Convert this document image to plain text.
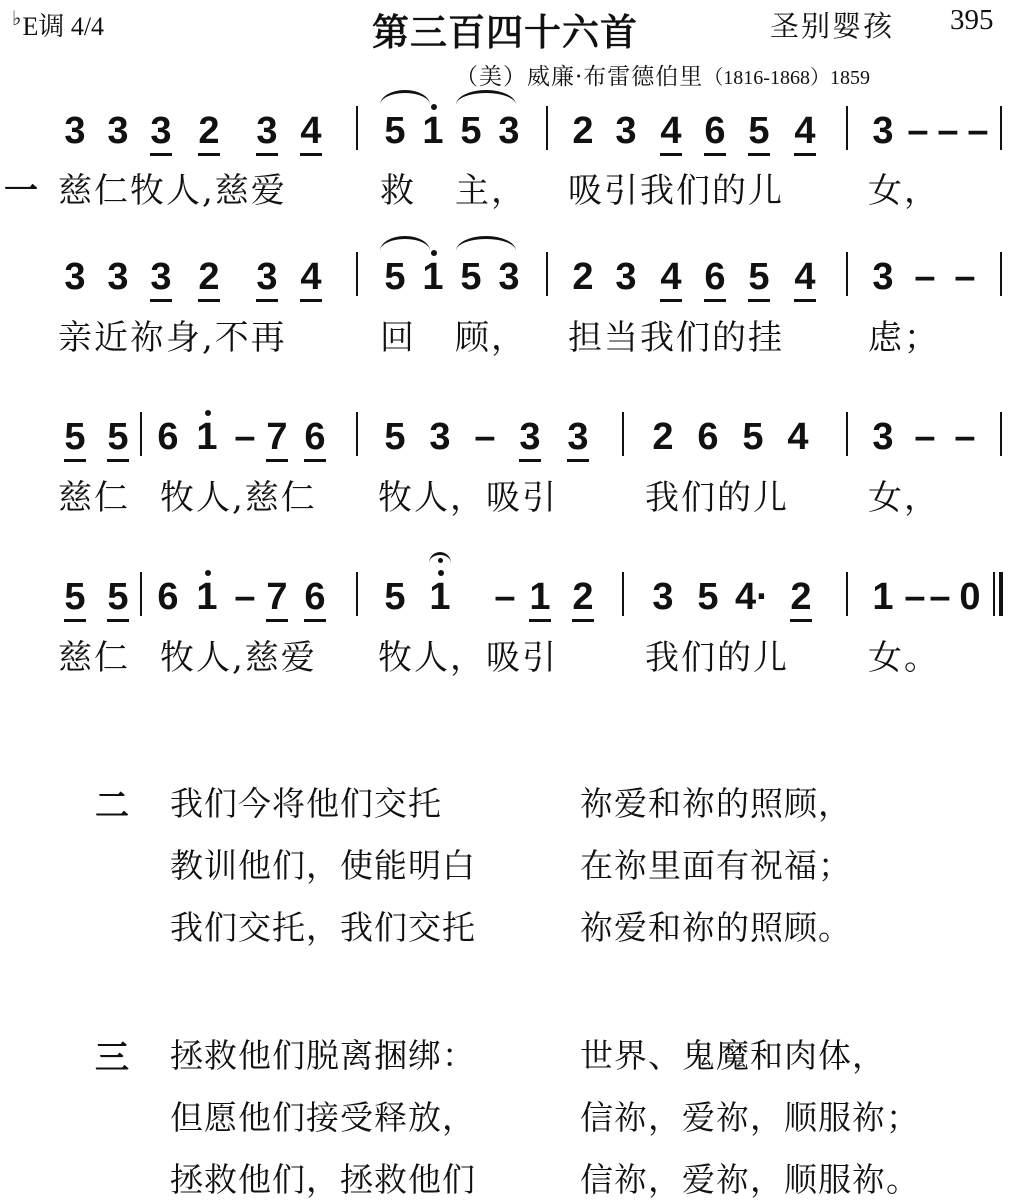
♭E调 4/4	第三百四十六首	圣别婴孩 395
（美）威廉·布雷德伯里（1816-1868）1859
3 3 3 2 3 4 5 1 5 3 2 3 4 6 5 4 3 – – –
3 3 3 2 3 4 5 1 5 3 2 3 4 6 5 4 3 – –
5 5 6 1 – 7 6 5 3 – 3 3 2 6 5 4 3 – –
5 5 6 1 – 7 6 5 1 – 1 2 3 5 4· 2 1 – – 0
一 慈仁牧人,慈爱	救 主， 吸引我们的儿 女，
亲近祢身,不再	回 顾， 担当我们的挂 虑；
慈仁 牧人,慈仁 牧人，吸引	我们的儿 女，
慈仁 牧人,慈爱 牧人，吸引	我们的儿 女。
二 我们今将他们交托	祢爱和祢的照顾，
教训他们，使能明白	在祢里面有祝福；
我们交托，我们交托	祢爱和祢的照顾。
三 拯救他们脱离捆绑：	世界、鬼魔和肉体，
但愿他们接受释放，	信祢，爱祢，顺服祢；
拯救他们，拯救他们	信祢，爱祢，顺服祢。
